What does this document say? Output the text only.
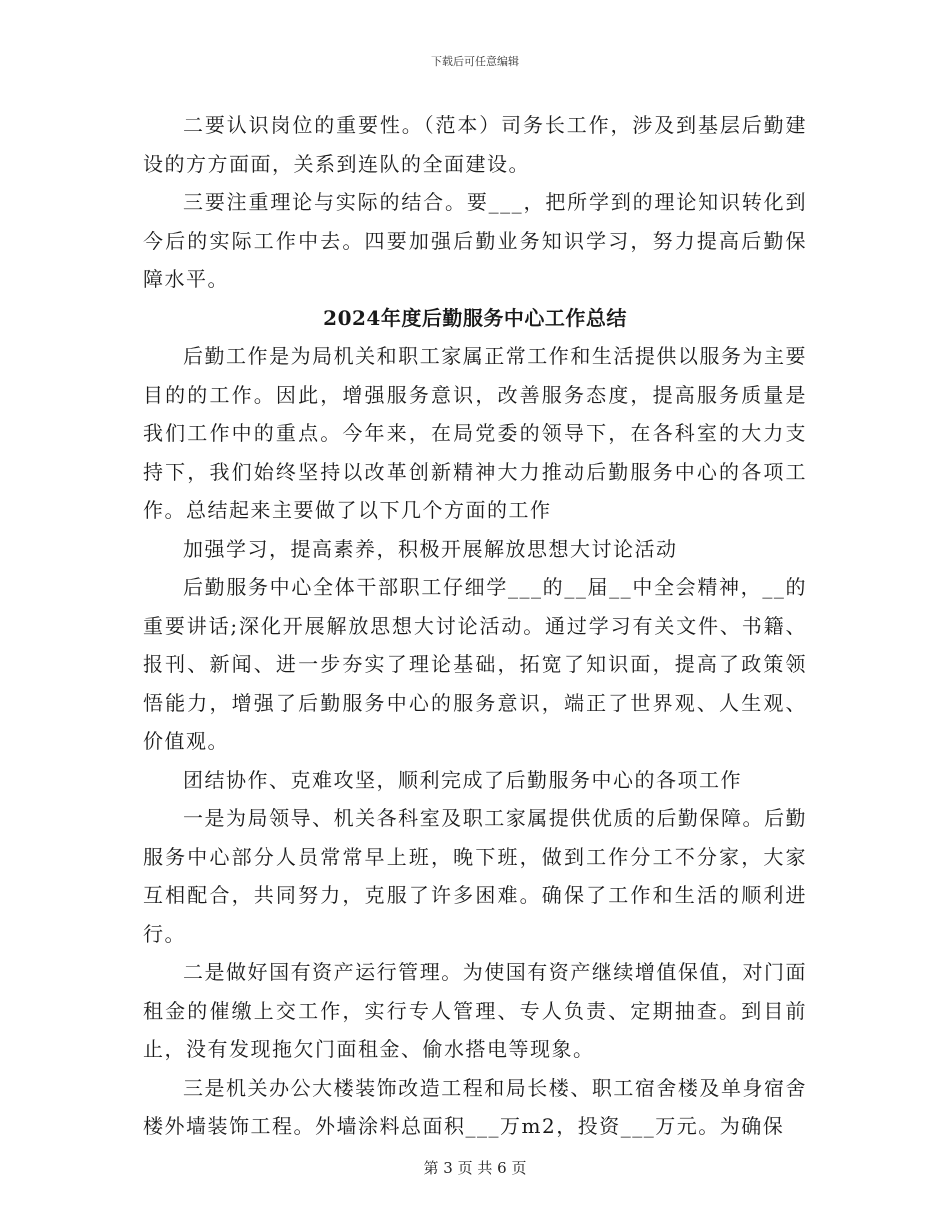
下载后可任意编辑

二要认识岗位的重要性。（范本）司务长工作，涉及到基层后勤建设的方方面面，关系到连队的全面建设。

三要注重理论与实际的结合。要___，把所学到的理论知识转化到今后的实际工作中去。四要加强后勤业务知识学习，努力提高后勤保障水平。

2024年度后勤服务中心工作总结

后勤工作是为局机关和职工家属正常工作和生活提供以服务为主要目的的工作。因此，增强服务意识，改善服务态度，提高服务质量是我们工作中的重点。今年来，在局党委的领导下，在各科室的大力支持下，我们始终坚持以改革创新精神大力推动后勤服务中心的各项工作。总结起来主要做了以下几个方面的工作

加强学习，提高素养，积极开展解放思想大讨论活动

后勤服务中心全体干部职工仔细学___的__届__中全会精神，__的重要讲话;深化开展解放思想大讨论活动。通过学习有关文件、书籍、报刊、新闻、进一步夯实了理论基础，拓宽了知识面，提高了政策领悟能力，增强了后勤服务中心的服务意识，端正了世界观、人生观、价值观。

团结协作、克难攻坚，顺利完成了后勤服务中心的各项工作

一是为局领导、机关各科室及职工家属提供优质的后勤保障。后勤服务中心部分人员常常早上班，晚下班，做到工作分工不分家，大家互相配合，共同努力，克服了许多困难。确保了工作和生活的顺利进行。

二是做好国有资产运行管理。为使国有资产继续增值保值，对门面租金的催缴上交工作，实行专人管理、专人负责、定期抽查。到目前止，没有发现拖欠门面租金、偷水搭电等现象。

三是机关办公大楼装饰改造工程和局长楼、职工宿舍楼及单身宿舍楼外墙装饰工程。外墙涂料总面积___万m2，投资___万元。为确保

第 3 页 共 6 页
